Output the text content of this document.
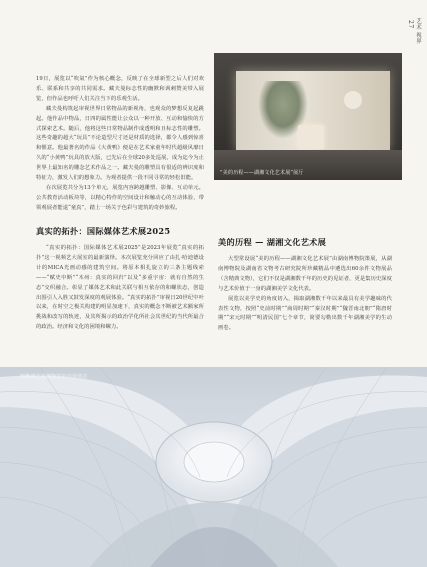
艺术 视界
27

19日，展览以“吹氣”作为核心概念，反映了在全球新型之后人们对欢乐、联系和共享的共同需求。藏夫曼标志性的幽默和讽刺赞美带入展览，但作品也呼吁人们关注当下的乐观生活。

藏夫曼构筑起审视世界日常物品的新视角，也观众的梦想反复起跳起。他作品中物品，日四的属性能让公众以一种开放、互动和愉快的方式探索艺术。随后，他将这些日常物品制作成透明和且标志性的雕塑。这些奇趣的超大“玩具”不论造型尺寸还是材质的选择，都令人感到惊喜和惬意。他最著名的作品《大黄鸭》便是在艺术家童年时代超级风靡日久的“小黄鸭”玩具的放大版，已先后在全球20多处巡展，成为迄今为止世界上最知名的雕念艺术作品之一。藏夫曼的雕塑具有很适的辨识度和特征力，激发人们的想象力。为观者提供一段不同寻常的轻松旧能。

在次展览共分为13个单元，展览内容跨越雕塑、影像、互动单元。公共教育活动板块等，以精心特作的空间设计和触动心的互动体验，带领观展者能退“童真”，踏上一场关于色彩与建筑的奇妙旅程。

“美的历程——湖湘文化艺术展”展厅
真实的拓扑：国际媒体艺术展2025

“真实的拓扑：国际媒体艺术展2025”是2023年展览“真实的拓扑”这一视频艺大展室的最新演绎。本次展览充分回应了由扎·哈迪德设计的MICA光画动感的建筑空间。将原本相扎旋立的三条主题线索——“赋史中断”“木州：真实的回归”以及“多重宇宙：就有自然的生态”交织融合。彰显了媒体艺术和此关联与相互依存的和螺状态，创造出围引人入胜又鼓发深度的观展体验。“真实的拓扑”审视日20世纪中叶以来，在时空之极关构建的明显加速下，真实的概念不断被艺术额家所挑战和改写的轨迹，及其所揭示的政治学化所社会其世纪的当代所最合的政治。经济和文化的困境和螺力。

美的历程 — 湖湘文化艺术展

大型常设展“美的历程——湖湘文化艺术展”由湖南博物院策展，从湖南博物院及湖南省文物考古研究院所珍藏精品中遴选出60余件文物展品（含精典文物），它们不仅是湖湘数千年的历史的见证者，更是集历史深度与艺术价值于一身的湖湘美学文化代表。

展览以美学史的角度切入，揭取湖湘数千年以来最具有美学趣味的代表性文物，按照“史前时期”“商周时期”“秦汉时期”“魏晋南北朝”“隋唐时期”“宋元时期”“明清民国”七个章节，简要勾勒出数千年湖湘美学的生动画卷。

鸭嘴湖艺术博物馆的外观场景
